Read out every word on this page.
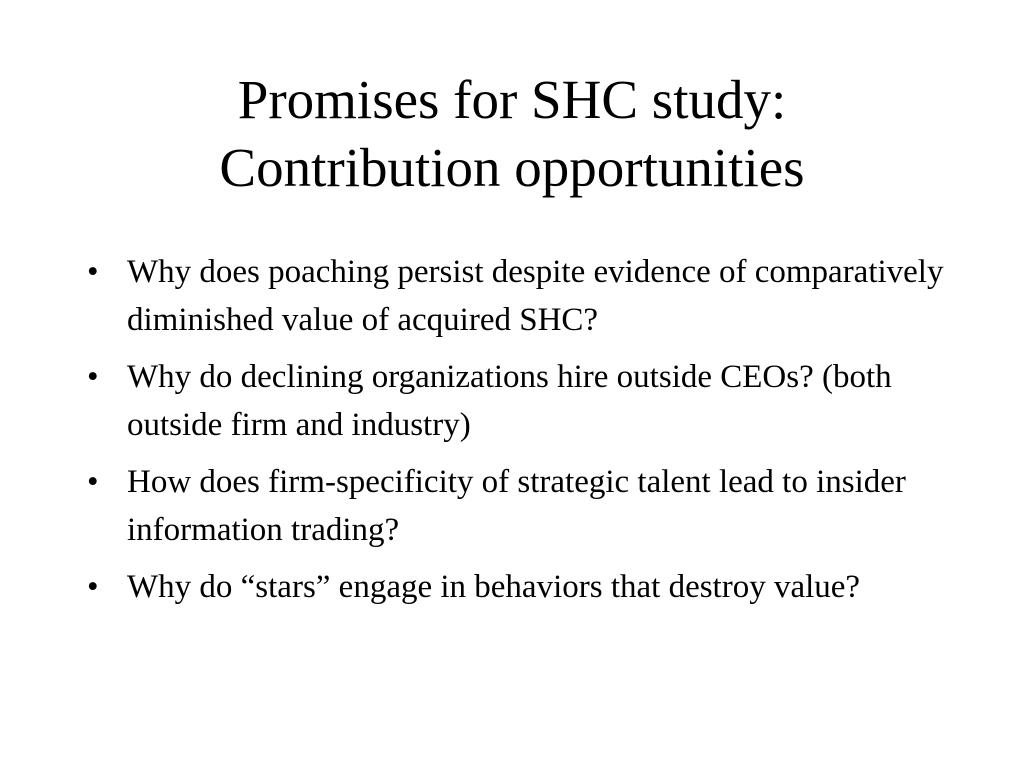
Promises for SHC study:
Contribution opportunities
• Why does poaching persist despite evidence of comparatively diminished value of acquired SHC?
• Why do declining organizations hire outside CEOs? (both outside firm and industry)
• How does firm-specificity of strategic talent lead to insider information trading?
• Why do “stars” engage in behaviors that destroy value?
